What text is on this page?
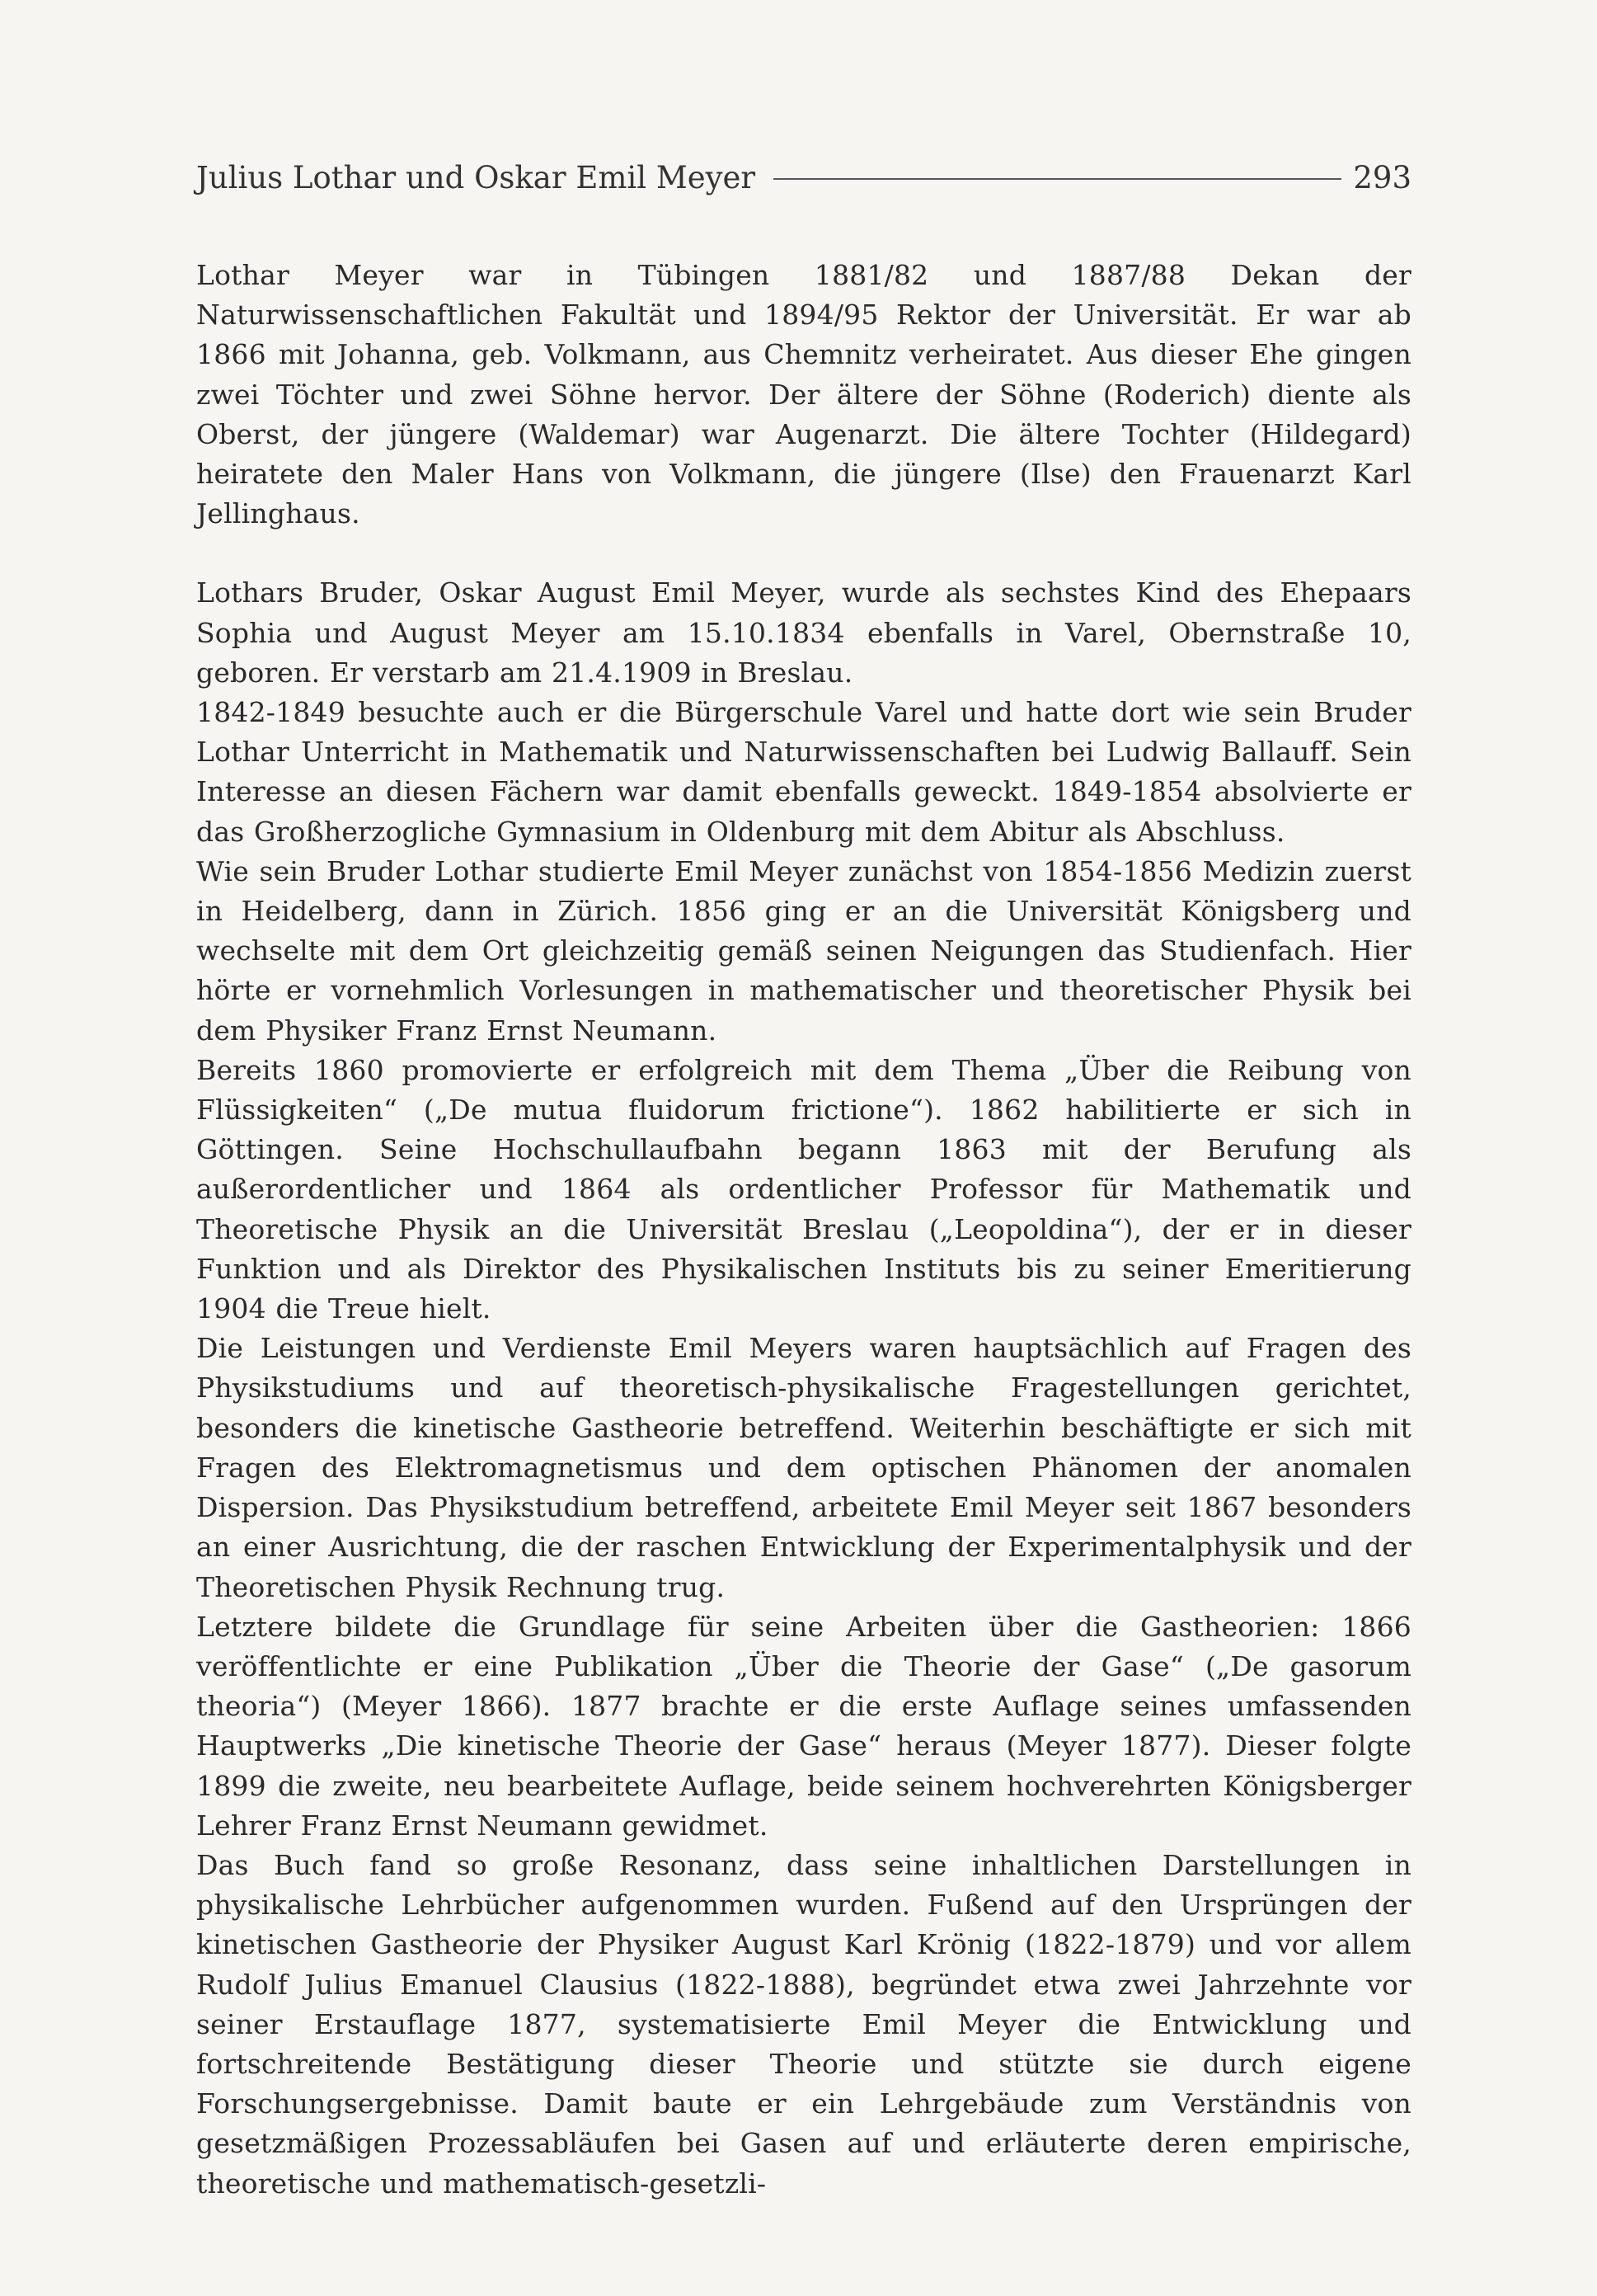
Julius Lothar und Oskar Emil Meyer	293

Lothar Meyer war in Tübingen 1881/82 und 1887/88 Dekan der Naturwissenschaftlichen Fakultät und 1894/95 Rektor der Universität. Er war ab 1866 mit Johanna, geb. Volkmann, aus Chemnitz verheiratet. Aus dieser Ehe gingen zwei Töchter und zwei Söhne hervor. Der ältere der Söhne (Roderich) diente als Oberst, der jüngere (Waldemar) war Augenarzt. Die ältere Tochter (Hildegard) heiratete den Maler Hans von Volkmann, die jüngere (Ilse) den Frauenarzt Karl Jellinghaus.

Lothars Bruder, Oskar August Emil Meyer, wurde als sechstes Kind des Ehepaars Sophia und August Meyer am 15.10.1834 ebenfalls in Varel, Obernstraße 10, geboren. Er verstarb am 21.4.1909 in Breslau.

1842-1849 besuchte auch er die Bürgerschule Varel und hatte dort wie sein Bruder Lothar Unterricht in Mathematik und Naturwissenschaften bei Ludwig Ballauff. Sein Interesse an diesen Fächern war damit ebenfalls geweckt. 1849-1854 absolvierte er das Großherzogliche Gymnasium in Oldenburg mit dem Abitur als Abschluss.

Wie sein Bruder Lothar studierte Emil Meyer zunächst von 1854-1856 Medizin zuerst in Heidelberg, dann in Zürich. 1856 ging er an die Universität Königsberg und wechselte mit dem Ort gleichzeitig gemäß seinen Neigungen das Studienfach. Hier hörte er vornehmlich Vorlesungen in mathematischer und theoretischer Physik bei dem Physiker Franz Ernst Neumann.

Bereits 1860 promovierte er erfolgreich mit dem Thema „Über die Reibung von Flüssigkeiten“ („De mutua fluidorum frictione“). 1862 habilitierte er sich in Göttingen. Seine Hochschullaufbahn begann 1863 mit der Berufung als außerordentlicher und 1864 als ordentlicher Professor für Mathematik und Theoretische Physik an die Universität Breslau („Leopoldina“), der er in dieser Funktion und als Direktor des Physikalischen Instituts bis zu seiner Emeritierung 1904 die Treue hielt.

Die Leistungen und Verdienste Emil Meyers waren hauptsächlich auf Fragen des Physikstudiums und auf theoretisch-physikalische Fragestellungen gerichtet, besonders die kinetische Gastheorie betreffend. Weiterhin beschäftigte er sich mit Fragen des Elektromagnetismus und dem optischen Phänomen der anomalen Dispersion. Das Physikstudium betreffend, arbeitete Emil Meyer seit 1867 besonders an einer Ausrichtung, die der raschen Entwicklung der Experimentalphysik und der Theoretischen Physik Rechnung trug.

Letztere bildete die Grundlage für seine Arbeiten über die Gastheorien: 1866 veröffentlichte er eine Publikation „Über die Theorie der Gase“ („De gasorum theoria“) (Meyer 1866). 1877 brachte er die erste Auflage seines umfassenden Hauptwerks „Die kinetische Theorie der Gase“ heraus (Meyer 1877). Dieser folgte 1899 die zweite, neu bearbeitete Auflage, beide seinem hochverehrten Königsberger Lehrer Franz Ernst Neumann gewidmet.

Das Buch fand so große Resonanz, dass seine inhaltlichen Darstellungen in physikalische Lehrbücher aufgenommen wurden. Fußend auf den Ursprüngen der kinetischen Gastheorie der Physiker August Karl Krönig (1822-1879) und vor allem Rudolf Julius Emanuel Clausius (1822-1888), begründet etwa zwei Jahrzehnte vor seiner Erstauflage 1877, systematisierte Emil Meyer die Entwicklung und fortschreitende Bestätigung dieser Theorie und stützte sie durch eigene Forschungsergebnisse. Damit baute er ein Lehrgebäude zum Verständnis von gesetzmäßigen Prozessabläufen bei Gasen auf und erläuterte deren empirische, theoretische und mathematisch-gesetzli-
